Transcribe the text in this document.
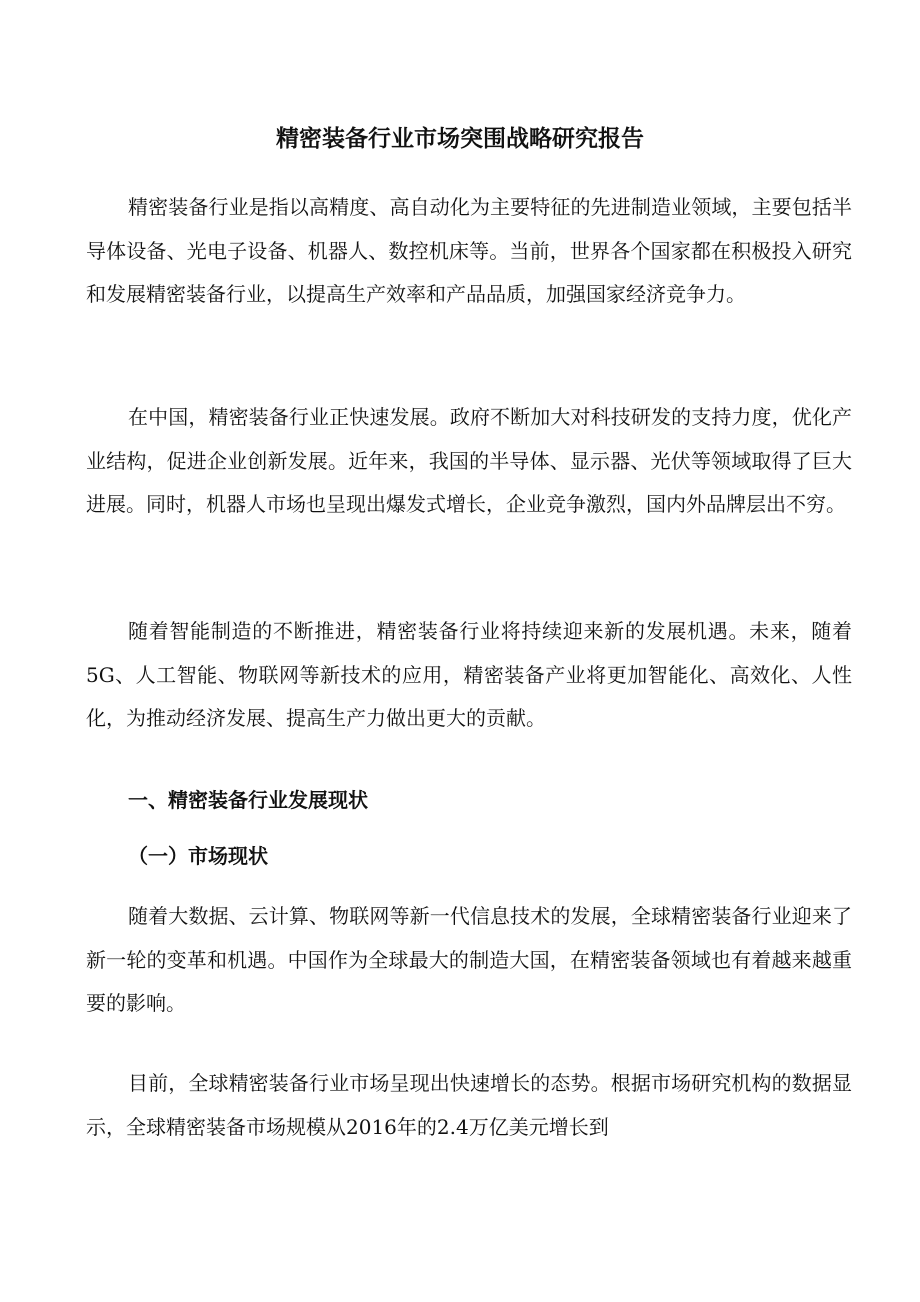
精密装备行业市场突围战略研究报告

精密装备行业是指以高精度、高自动化为主要特征的先进制造业领域，主要包括半导体设备、光电子设备、机器人、数控机床等。当前，世界各个国家都在积极投入研究和发展精密装备行业，以提高生产效率和产品品质，加强国家经济竞争力。

在中国，精密装备行业正快速发展。政府不断加大对科技研发的支持力度，优化产业结构，促进企业创新发展。近年来，我国的半导体、显示器、光伏等领域取得了巨大进展。同时，机器人市场也呈现出爆发式增长，企业竞争激烈，国内外品牌层出不穷。

随着智能制造的不断推进，精密装备行业将持续迎来新的发展机遇。未来，随着5G、人工智能、物联网等新技术的应用，精密装备产业将更加智能化、高效化、人性化，为推动经济发展、提高生产力做出更大的贡献。

一、精密装备行业发展现状
（一）市场现状

随着大数据、云计算、物联网等新一代信息技术的发展，全球精密装备行业迎来了新一轮的变革和机遇。中国作为全球最大的制造大国，在精密装备领域也有着越来越重要的影响。

目前，全球精密装备行业市场呈现出快速增长的态势。根据市场研究机构的数据显示，全球精密装备市场规模从2016年的2.4万亿美元增长到
